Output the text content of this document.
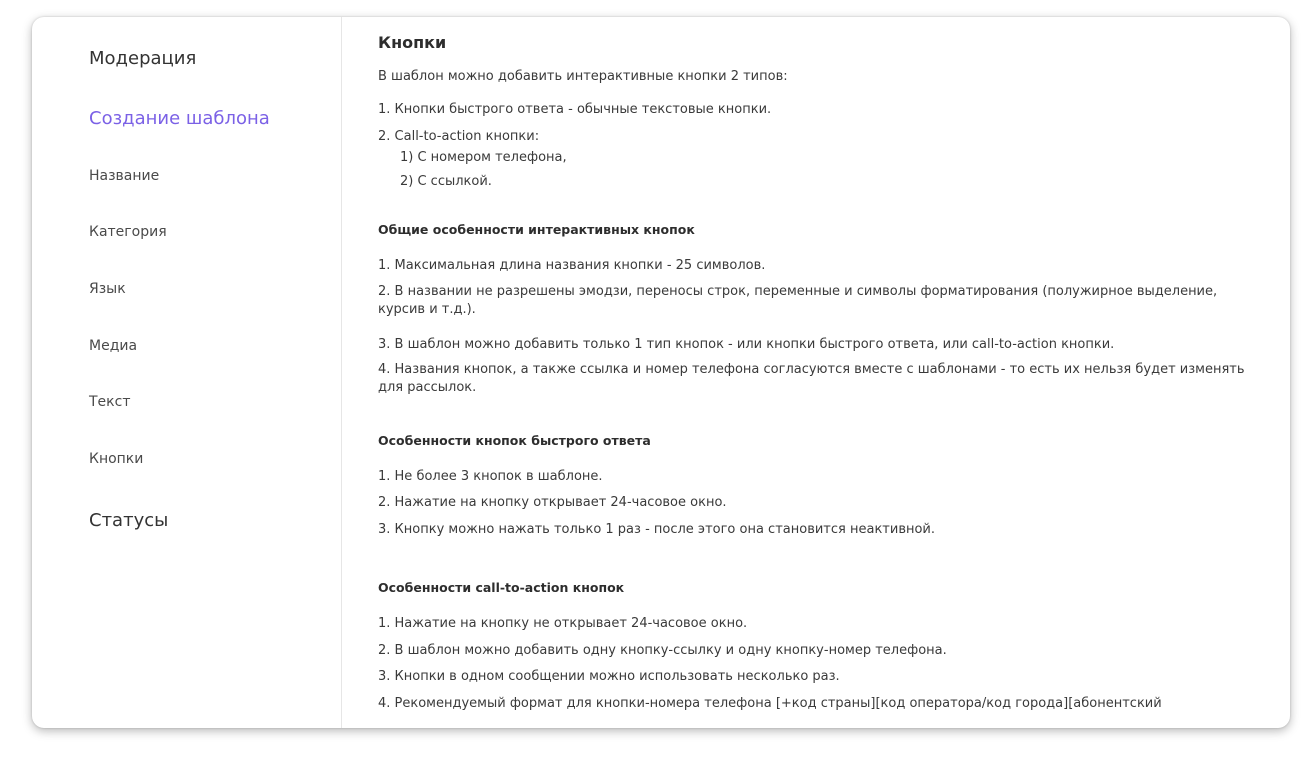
Модерация
Создание шаблона
Название
Категория
Язык
Медиа
Текст
Кнопки
Статусы
Кнопки
В шаблон можно добавить интерактивные кнопки 2 типов:
1. Кнопки быстрого ответа - обычные текстовые кнопки.
2. Call-to-action кнопки:
1) С номером телефона,
2) С ссылкой.
Общие особенности интерактивных кнопок
1. Максимальная длина названия кнопки - 25 символов.
2. В названии не разрешены эмодзи, переносы строк, переменные и символы форматирования (полужирное выделение, курсив и т.д.).
3. В шаблон можно добавить только 1 тип кнопок - или кнопки быстрого ответа, или call-to-action кнопки.
4. Названия кнопок, а также ссылка и номер телефона согласуются вместе с шаблонами - то есть их нельзя будет изменять для рассылок.
Особенности кнопок быстрого ответа
1. Не более 3 кнопок в шаблоне.
2. Нажатие на кнопку открывает 24-часовое окно.
3. Кнопку можно нажать только 1 раз - после этого она становится неактивной.
Особенности call-to-action кнопок
1. Нажатие на кнопку не открывает 24-часовое окно.
2. В шаблон можно добавить одну кнопку-ссылку и одну кнопку-номер телефона.
3. Кнопки в одном сообщении можно использовать несколько раз.
4. Рекомендуемый формат для кнопки-номера телефона [+код страны][код оператора/код города][абонентский
